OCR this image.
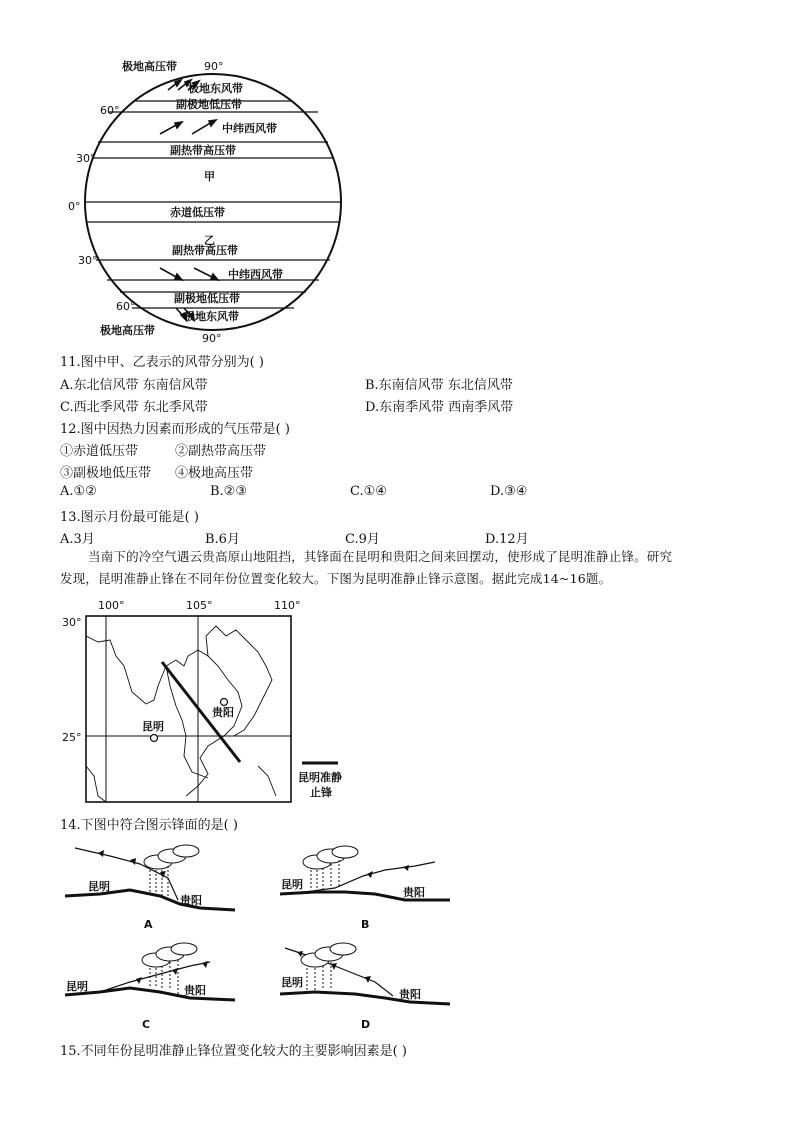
极地高压带 90°
60°
30°
0°
30°
60°
90°
极地高压带
极地东风带
副极地低压带
中纬西风带
副热带高压带
甲
赤道低压带
乙
副热带高压带
中纬西风带
副极地低压带
极地东风带
11.图中甲、乙表示的风带分别为( )
A.东北信风带 东南信风带	B.东南信风带 东北信风带
C.西北季风带 东北季风带	D.东南季风带 西南季风带
12.图中因热力因素而形成的气压带是( )
①赤道低压带	②副热带高压带
③副极地低压带 ④极地高压带
A.①②	B.②③	C.①④	D.③④
13.图示月份最可能是( )
A.3月	B.6月	C.9月	D.12月
当南下的冷空气遇云贵高原山地阻挡，其锋面在昆明和贵阳之间来回摆动，使形成了昆明准静止锋。研究
发现，昆明准静止锋在不同年份位置变化较大。下图为昆明准静止锋示意图。据此完成14~16题。
100°	105°	110°
30°
25°
昆明
贵阳
昆明准静
止锋
14.下图中符合图示锋面的是( )
昆明
贵阳
A
昆明
贵阳
B
昆明	贵阳
C
昆明
贵阳
D
15.不同年份昆明准静止锋位置变化较大的主要影响因素是( )
